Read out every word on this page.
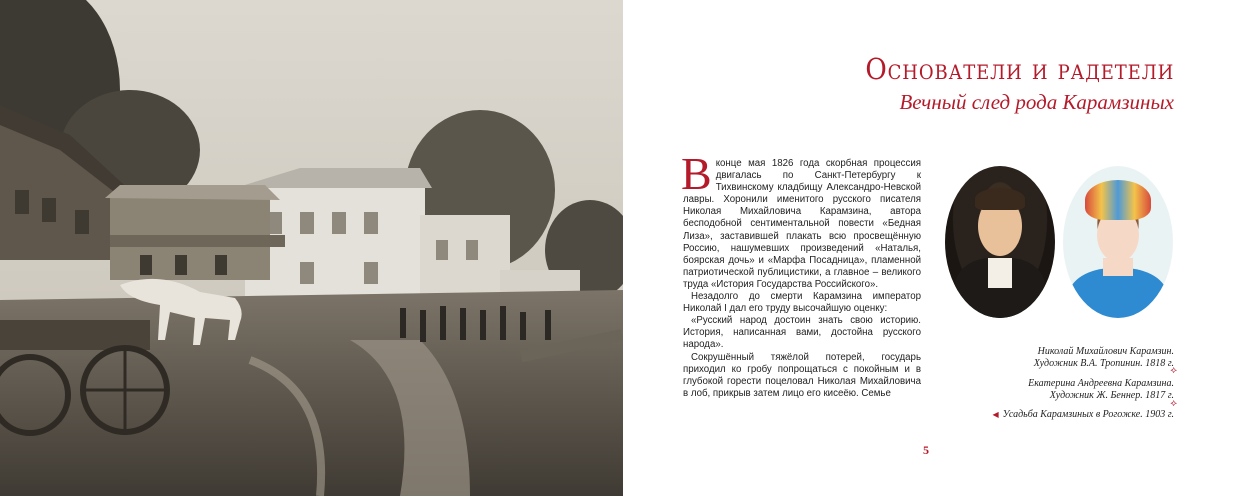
Основатели и радетели
Вечный след рода Карамзиных

В конце мая 1826 года скорбная процессия двигалась по Санкт-Петербургу к Тихвинскому кладбищу Александро-Невской лавры. Хоронили именитого русского писателя Николая Михайловича Карамзина, автора бесподобной сентиментальной повести «Бедная Лиза», заставившей плакать всю просвещённую Россию, нашумевших произведений «Наталья, боярская дочь» и «Марфа Посадница», пламенной патриотической публицистики, а главное – великого труда «История Государства Российского».

Незадолго до смерти Карамзина император Николай I дал его труду высочайшую оценку:

«Русский народ достоин знать свою историю. История, написанная вами, достойна русского народа».

Сокрушённый тяжёлой потерей, государь приходил ко гробу попрощаться с покойным и в глубокой горести поцеловал Николая Михайловича в лоб, прикрыв затем лицо его кисеёю. Семье

Николай Михайлович Карамзин.
Художник В.А. Тропинин. 1818 г.
⟡
Екатерина Андреевна Карамзина.
Художник Ж. Беннер. 1817 г.
⟡
◀ Усадьба Карамзиных в Рогожке. 1903 г.
5
